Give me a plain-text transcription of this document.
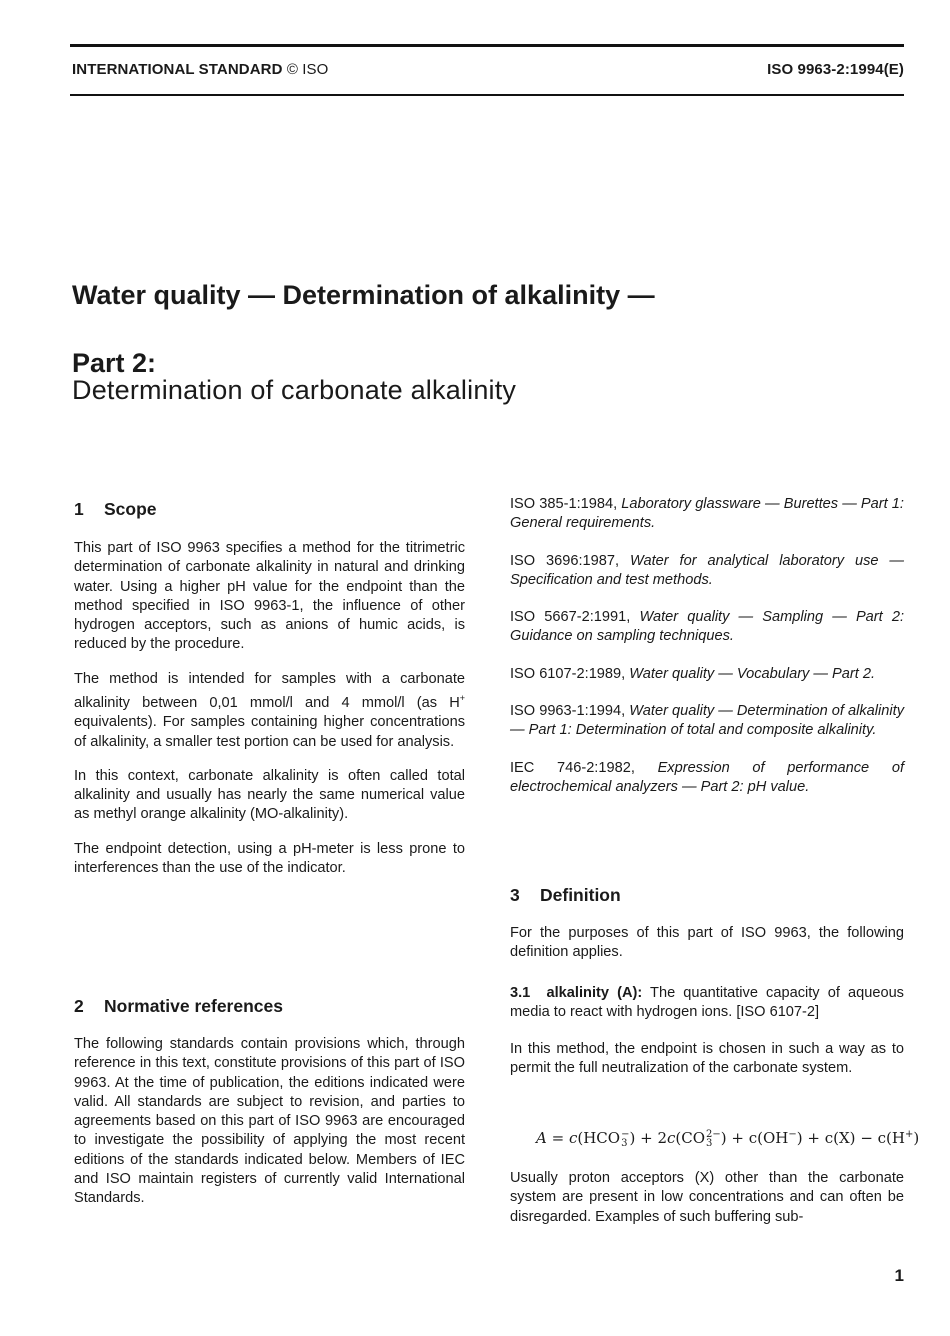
INTERNATIONAL STANDARD © ISO	ISO 9963-2:1994(E)
Water quality — Determination of alkalinity —
Part 2:
Determination of carbonate alkalinity
1 Scope

This part of ISO 9963 specifies a method for the titrimetric determination of carbonate alkalinity in natural and drinking water. Using a higher pH value for the endpoint than the method specified in ISO 9963-1, the influence of other hydrogen acceptors, such as anions of humic acids, is reduced by the procedure.

The method is intended for samples with a carbonate alkalinity between 0,01 mmol/l and 4 mmol/l (as H+ equivalents). For samples containing higher concentrations of alkalinity, a smaller test portion can be used for analysis.

In this context, carbonate alkalinity is often called total alkalinity and usually has nearly the same numerical value as methyl orange alkalinity (MO-alkalinity).

The endpoint detection, using a pH-meter is less prone to interferences than the use of the indicator.

2 Normative references

The following standards contain provisions which, through reference in this text, constitute provisions of this part of ISO 9963. At the time of publication, the editions indicated were valid. All standards are subject to revision, and parties to agreements based on this part of ISO 9963 are encouraged to investigate the possibility of applying the most recent editions of the standards indicated below. Members of IEC and ISO maintain registers of currently valid International Standards.

ISO 385-1:1984, Laboratory glassware — Burettes — Part 1: General requirements.

ISO 3696:1987, Water for analytical laboratory use — Specification and test methods.

ISO 5667-2:1991, Water quality — Sampling — Part 2: Guidance on sampling techniques.

ISO 6107-2:1989, Water quality — Vocabulary — Part 2.

ISO 9963-1:1994, Water quality — Determination of alkalinity — Part 1: Determination of total and composite alkalinity.

IEC 746-2:1982, Expression of performance of electrochemical analyzers — Part 2: pH value.

3 Definition

For the purposes of this part of ISO 9963, the following definition applies.

3.1 alkalinity (A): The quantitative capacity of aqueous media to react with hydrogen ions. [ISO 6107-2]

In this method, the endpoint is chosen in such a way as to permit the full neutralization of the carbonate system.

A = c(HCO −
3 ) + 2c(CO 2−
3 ) + c(OH−) + c(X) − c(H+)

Usually proton acceptors (X) other than the carbonate system are present in low concentrations and can often be disregarded. Examples of such buffering sub-

1
